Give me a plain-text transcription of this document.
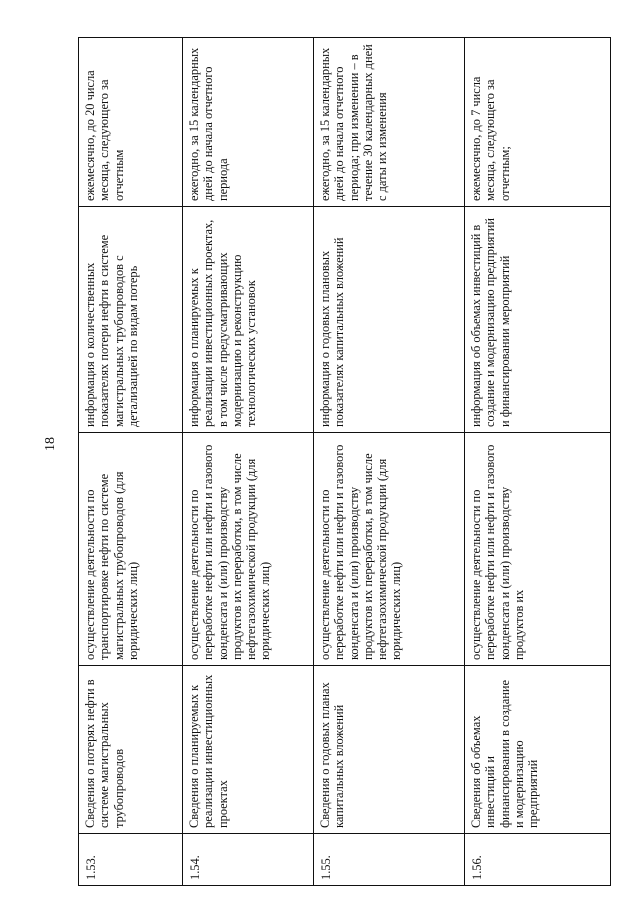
18
1.53.	Сведения о потерях нефти в системе магистральных трубопроводов	осуществление деятельности по транспортировке нефти по системе магистральных трубопроводов (для юридических лиц)	информация о количественных показателях потери нефти в системе магистральных трубопроводов с детализацией по видам потерь	ежемесячно, до 20 числа месяца, следующего за отчетным
1.54.	Сведения о планируемых к реализации инвестиционных проектах	осуществление деятельности по переработке нефти или нефти и газового конденсата и (или) производству продуктов их переработки, в том числе нефтегазохимической продукции (для юридических лиц)	информация о планируемых к реализации инвестиционных проектах, в том числе предусматривающих модернизацию и реконструкцию технологических установок	ежегодно, за 15 календарных дней до начала отчетного периода
1.55.	Сведения о годовых планах капитальных вложений	осуществление деятельности по переработке нефти или нефти и газового конденсата и (или) производству продуктов их переработки, в том числе нефтегазохимической продукции (для юридических лиц)	информация о годовых плановых показателях капитальных вложений	ежегодно, за 15 календарных дней до начала отчетного периода; при изменении – в течение 30 календарных дней с даты их изменения
1.56.	Сведения об объемах инвестиций и финансировании в создание и модернизацию предприятий	осуществление деятельности по переработке нефти или нефти и газового конденсата и (или) производству продуктов их	информация об объемах инвестиций в создание и модернизацию предприятий и финансировании мероприятий	ежемесячно, до 7 числа месяца, следующего за отчетным;
